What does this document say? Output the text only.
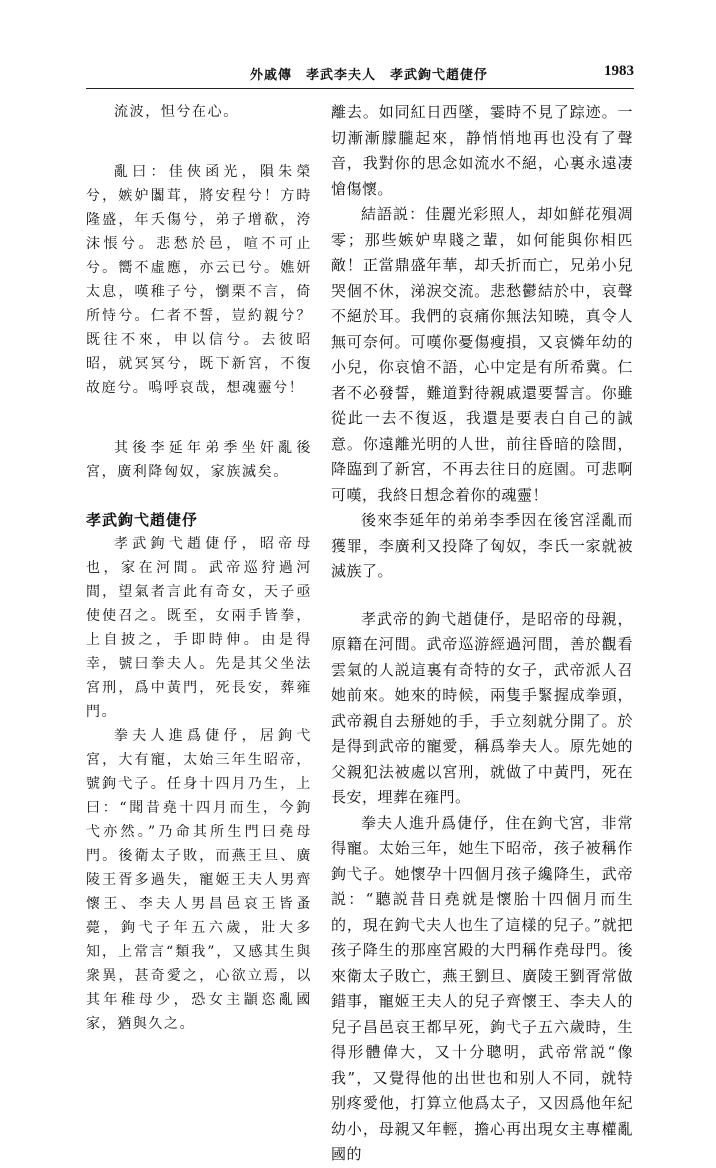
外戚傳　孝武李夫人　孝武鉤弋趙倢伃	1983

流波，怛兮在心。

亂曰：佳俠函光，隕朱榮兮，嫉妒闟茸，將安程兮！方時隆盛，年夭傷兮，弟子增欷，洿沫悵兮。悲愁於邑，喧不可止兮。嚮不虛應，亦云已兮。嫶妍太息，嘆稚子兮，懰栗不言，倚所恃兮。仁者不誓，豈約親兮？既往不來，申以信兮。去彼昭昭，就冥冥兮，既下新宮，不復故庭兮。嗚呼哀哉，想魂靈兮！

其後李延年弟季坐奸亂後宮，廣利降匈奴，家族滅矣。

孝武鉤弋趙倢伃

孝武鉤弋趙倢伃，昭帝母也，家在河間。武帝巡狩過河間，望氣者言此有奇女，天子亟使使召之。既至，女兩手皆拳，上自披之，手即時伸。由是得幸，號曰拳夫人。先是其父坐法宮刑，爲中黃門，死長安，葬雍門。

拳夫人進爲倢伃，居鉤弋宮，大有寵，太始三年生昭帝，號鉤弋子。任身十四月乃生，上曰：“聞昔堯十四月而生，今鉤弋亦然。”乃命其所生門曰堯母門。後衛太子敗，而燕王旦、廣陵王胥多過失，寵姬王夫人男齊懷王、李夫人男昌邑哀王皆蚤薨，鉤弋子年五六歲，壯大多知，上常言“類我”，又感其生與衆異，甚奇愛之，心欲立焉，以其年稚母少，恐女主顓恣亂國家，猶與久之。

離去。如同紅日西墜，霎時不見了踪迹。一切漸漸朦朧起來，静悄悄地再也没有了聲音，我對你的思念如流水不絕，心裏永遠凄愴傷懷。

結語説：佳麗光彩照人，却如鮮花殞凋零；那些嫉妒卑賤之輩，如何能與你相匹敵！正當鼎盛年華，却夭折而亡，兄弟小兒哭個不休，涕淚交流。悲愁鬱結於中，哀聲不絕於耳。我們的哀痛你無法知曉，真令人無可奈何。可嘆你憂傷瘦損，又哀憐年幼的小兒，你哀愴不語，心中定是有所希冀。仁者不必發誓，難道對待親戚還要誓言。你雖從此一去不復返，我還是要表白自己的誠意。你遠離光明的人世，前往昏暗的陰間，降臨到了新宮，不再去往日的庭園。可悲啊可嘆，我終日想念着你的魂靈！

後來李延年的弟弟李季因在後宮淫亂而獲罪，李廣利又投降了匈奴，李氏一家就被滅族了。

孝武帝的鉤弋趙倢伃，是昭帝的母親，原籍在河間。武帝巡游經過河間，善於觀看雲氣的人説這裏有奇特的女子，武帝派人召她前來。她來的時候，兩隻手緊握成拳頭，武帝親自去掰她的手，手立刻就分開了。於是得到武帝的寵愛，稱爲拳夫人。原先她的父親犯法被處以宮刑，就做了中黃門，死在長安，埋葬在雍門。

拳夫人進升爲倢伃，住在鉤弋宮，非常得寵。太始三年，她生下昭帝，孩子被稱作鉤弋子。她懷孕十四個月孩子纔降生，武帝説：“聽説昔日堯就是懷胎十四個月而生的，現在鉤弋夫人也生了這樣的兒子。”就把孩子降生的那座宮殿的大門稱作堯母門。後來衛太子敗亡，燕王劉旦、廣陵王劉胥常做錯事，寵姬王夫人的兒子齊懷王、李夫人的兒子昌邑哀王都早死，鉤弋子五六歲時，生得形體偉大，又十分聰明，武帝常説“像我”，又覺得他的出世也和别人不同，就特别疼愛他，打算立他爲太子，又因爲他年紀幼小，母親又年輕，擔心再出現女主專權亂國的
